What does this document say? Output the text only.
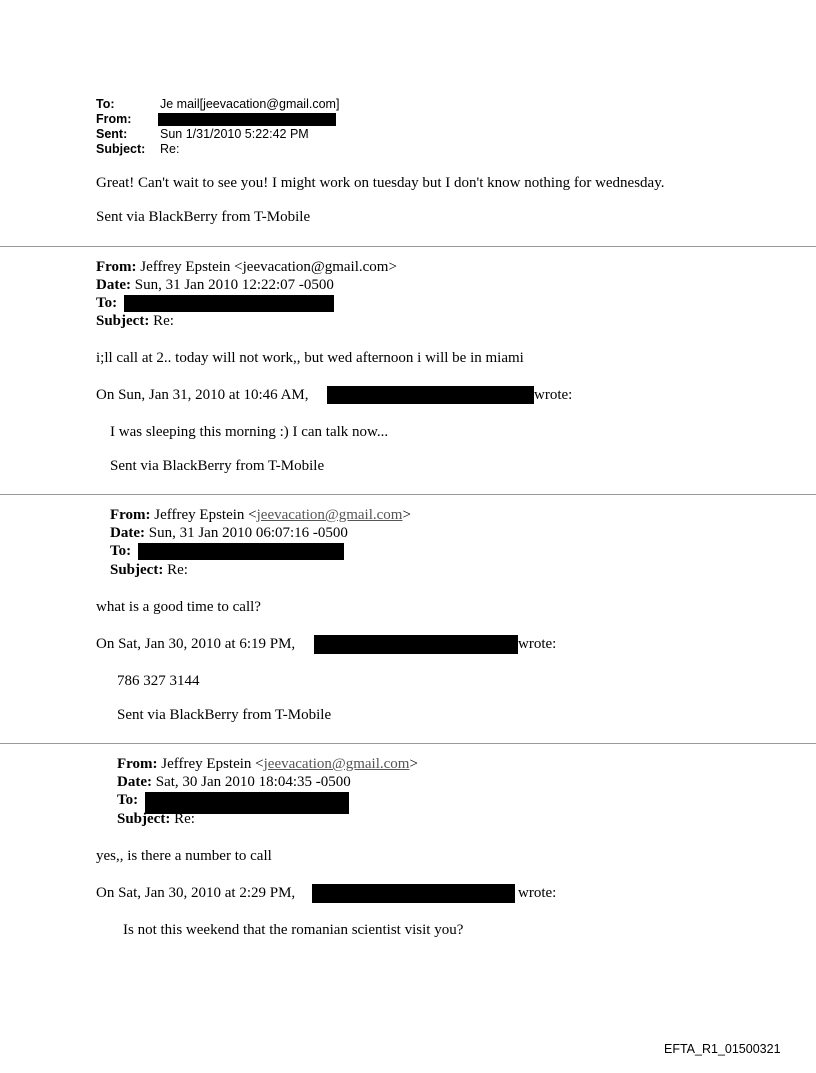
To:	Je mail[jeevacation@gmail.com]
From:
Sent:	Sun 1/31/2010 5:22:42 PM
Subject: Re:
Great! Can't wait to see you! I might work on tuesday but I don't know nothing for wednesday.
Sent via BlackBerry from T-Mobile
From: Jeffrey Epstein <jeevacation@gmail.com>
Date: Sun, 31 Jan 2010 12:22:07 -0500
To:
Subject: Re:
i;ll call at 2.. today will not work,, but wed afternoon i will be in miami
On Sun, Jan 31, 2010 at 10:46 AM,	wrote:
I was sleeping this morning :) I can talk now...
Sent via BlackBerry from T-Mobile
From: Jeffrey Epstein <jeevacation@gmail.com>
Date: Sun, 31 Jan 2010 06:07:16 -0500
To:
Subject: Re:
what is a good time to call?
On Sat, Jan 30, 2010 at 6:19 PM,	wrote:
786 327 3144
Sent via BlackBerry from T-Mobile
From: Jeffrey Epstein <jeevacation@gmail.com>
Date: Sat, 30 Jan 2010 18:04:35 -0500
To:
Subject: Re:
yes,, is there a number to call
On Sat, Jan 30, 2010 at 2:29 PM,	wrote:
Is not this weekend that the romanian scientist visit you?
EFTA_R1_01500321
